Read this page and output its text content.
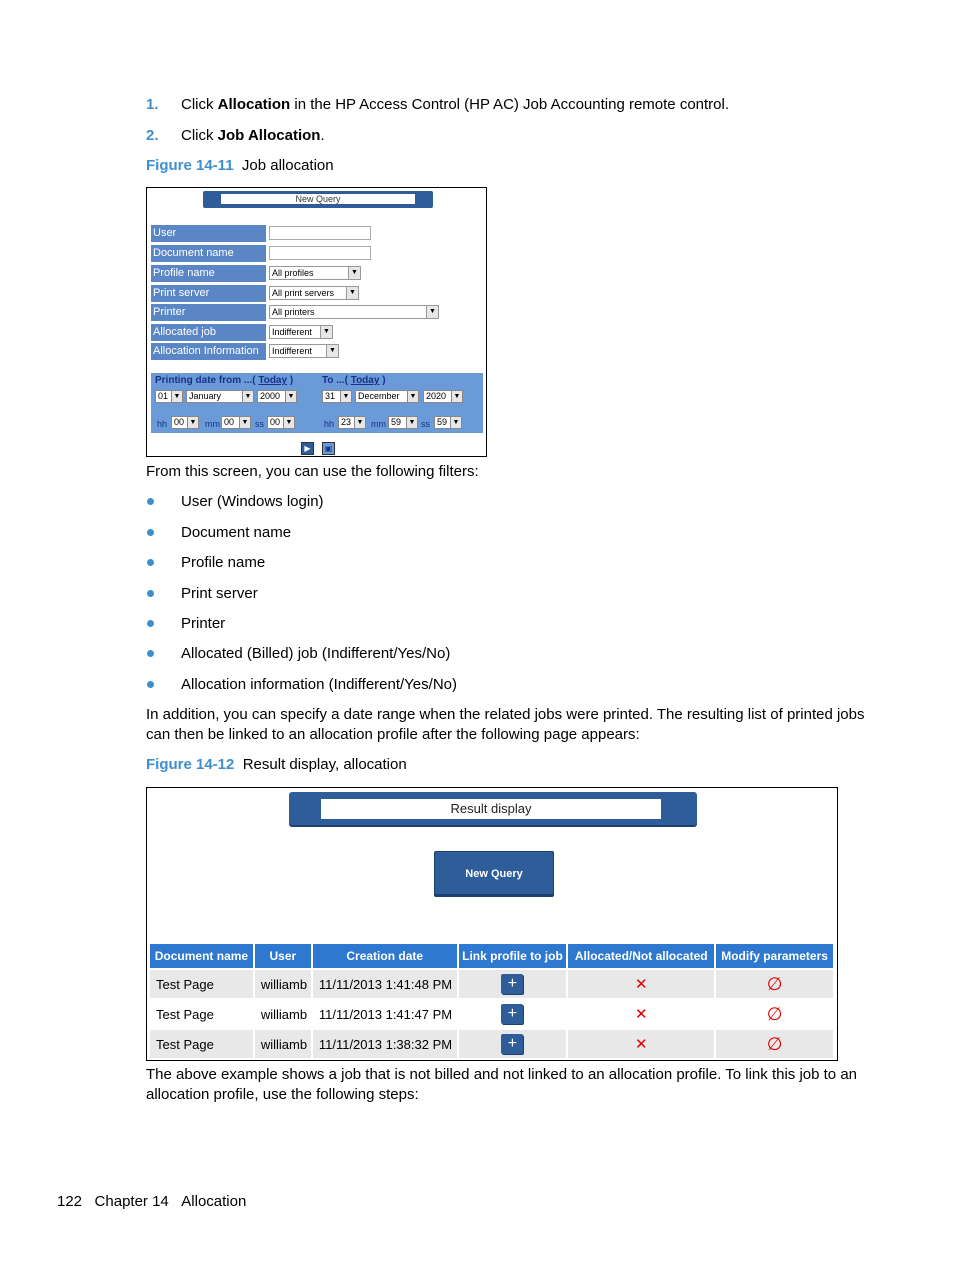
1. Click Allocation in the HP Access Control (HP AC) Job Accounting remote control.
2. Click Job Allocation.
Figure 14-11 Job allocation
New Query
User
Document name
Profile name	All profiles	▼
Print server	All print servers	▼
Printer	All printers	▼
Allocated job	Indifferent	▼
Allocation Information	Indifferent	▼
Printing date from ...( Today )	To ...( Today )
01 ▼ January	▼ 2000	▼	31	▼ December	▼	2020	▼
hh 00 ▼ mm 00	▼ ss 00 ▼	hh 23 ▼ mm 59	▼ ss 59 ▼
▶	▣
From this screen, you can use the following filters:
User (Windows login)
Document name
Profile name
Print server
Printer
Allocated (Billed) job (Indifferent/Yes/No)
Allocation information (Indifferent/Yes/No)
In addition, you can specify a date range when the related jobs were printed. The resulting list of printed jobs
can then be linked to an allocation profile after the following page appears:
Figure 14-12 Result display, allocation
Result display
New Query
Document name	User	Creation date	Link profile to job	Allocated/Not allocated	Modify parameters
Test Page	williamb	11/11/2013 1:41:48 PM	+	✕	∅
Test Page	williamb	11/11/2013 1:41:47 PM	+	✕	∅
Test Page	williamb	11/11/2013 1:38:32 PM	+	✕	∅
The above example shows a job that is not billed and not linked to an allocation profile. To link this job to an
allocation profile, use the following steps:
122 Chapter 14 Allocation
